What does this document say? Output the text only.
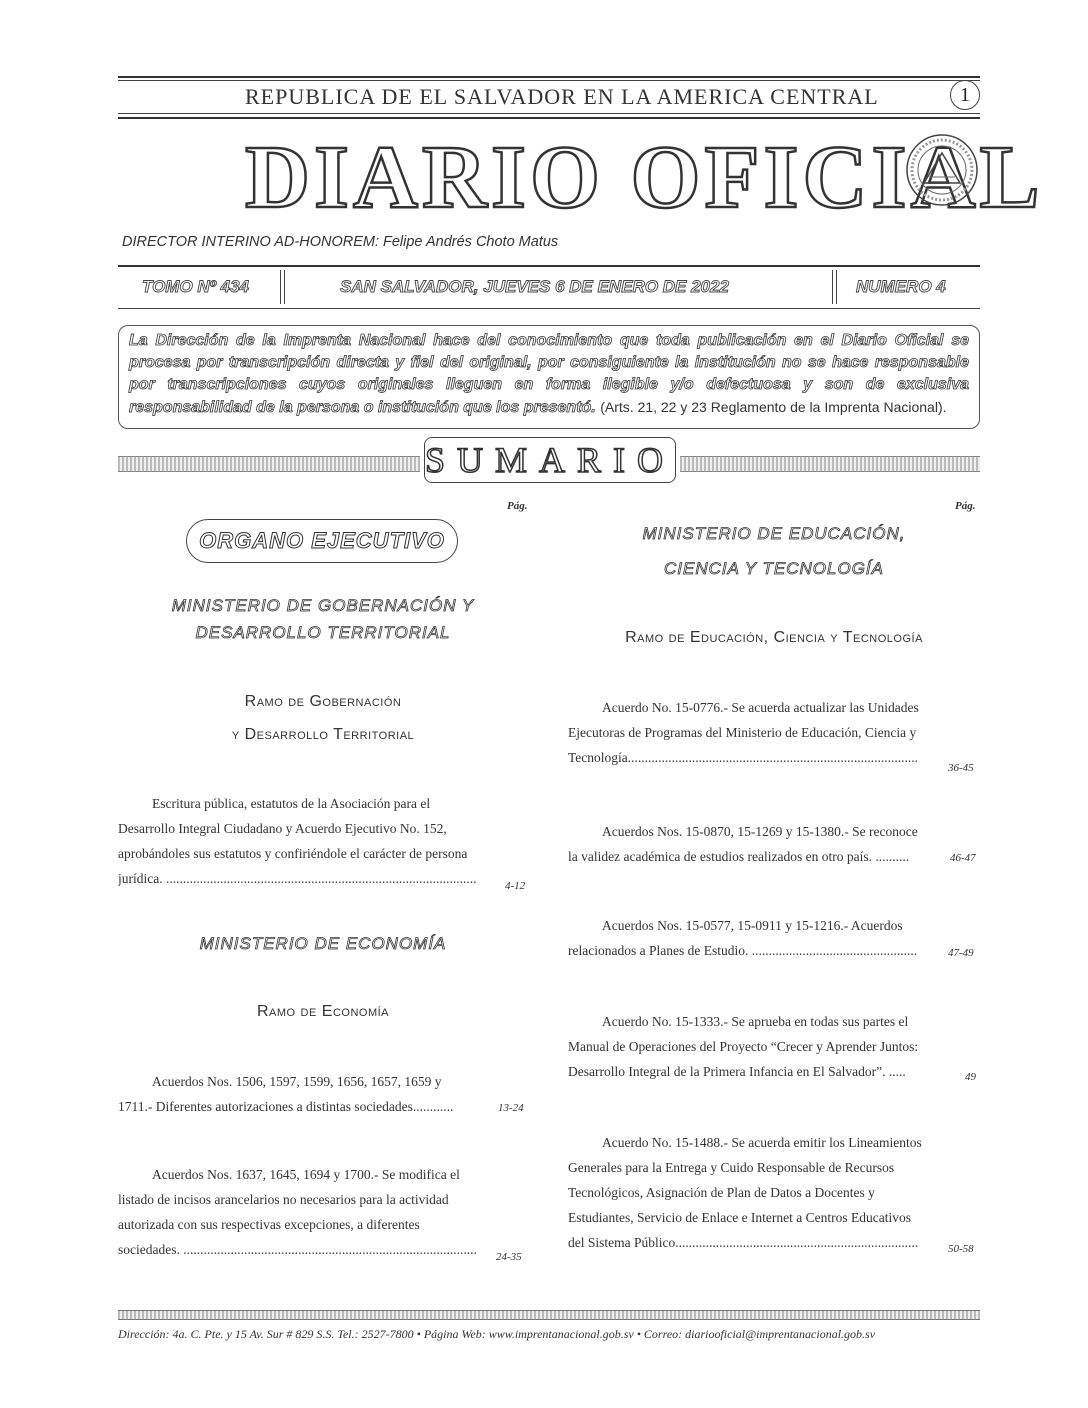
REPUBLICA DE EL SALVADOR EN LA AMERICA CENTRAL	1
DIARIO OFICIAL
DIRECTOR INTERINO AD-HONOREM: Felipe Andrés Choto Matus
TOMO Nº 434	SAN SALVADOR, JUEVES 6 DE ENERO DE 2022	NUMERO 4
La Dirección de la Imprenta Nacional hace del conocimiento que toda publicación en el Diario Oficial se procesa por transcripción directa y fiel del original, por consiguiente la institución no se hace responsable por transcripciones cuyos originales lleguen en forma ilegible y/o defectuosa y son de exclusiva responsabilidad de la persona o institución que los presentó. (Arts. 21, 22 y 23 Reglamento de la Imprenta Nacional).
SUMARIO
Pág.	Pág.
ORGANO EJECUTIVO
MINISTERIO DE GOBERNACIÓN Y
DESARROLLO TERRITORIAL
Ramo de Gobernación
y Desarrollo Territorial
Escritura pública, estatutos de la Asociación para el
Desarrollo Integral Ciudadano y Acuerdo Ejecutivo No. 152,
aprobándoles sus estatutos y confiriéndole el carácter de persona
jurídica. ............................................................................................	4-12
MINISTERIO DE ECONOMÍA
Ramo de Economía
Acuerdos Nos. 1506, 1597, 1599, 1656, 1657, 1659 y
1711.- Diferentes autorizaciones a distintas sociedades............	13-24
Acuerdos Nos. 1637, 1645, 1694 y 1700.- Se modifica el
listado de incisos arancelarios no necesarios para la actividad
autorizada con sus respectivas excepciones, a diferentes
sociedades. .......................................................................................	24-35
MINISTERIO DE EDUCACIÓN,
CIENCIA Y TECNOLOGÍA
Ramo de Educación, Ciencia y Tecnología
Acuerdo No. 15-0776.- Se acuerda actualizar las Unidades
Ejecutoras de Programas del Ministerio de Educación, Ciencia y
Tecnología......................................................................................
36-45
Acuerdos Nos. 15-0870, 15-1269 y 15-1380.- Se reconoce
la validez académica de estudios realizados en otro país. ..........	46-47
Acuerdos Nos. 15-0577, 15-0911 y 15-1216.- Acuerdos
relacionados a Planes de Estudio. .................................................	47-49
Acuerdo No. 15-1333.- Se aprueba en todas sus partes el
Manual de Operaciones del Proyecto “Crecer y Aprender Juntos:
Desarrollo Integral de la Primera Infancia en El Salvador”. .....	49
Acuerdo No. 15-1488.- Se acuerda emitir los Lineamientos
Generales para la Entrega y Cuido Responsable de Recursos
Tecnológicos, Asignación de Plan de Datos a Docentes y
Estudiantes, Servicio de Enlace e Internet a Centros Educativos
del Sistema Público........................................................................	50-58
Dirección: 4a. C. Pte. y 15 Av. Sur # 829 S.S. Tel.: 2527-7800 • Página Web: www.imprentanacional.gob.sv • Correo: diariooficial@imprentanacional.gob.sv
